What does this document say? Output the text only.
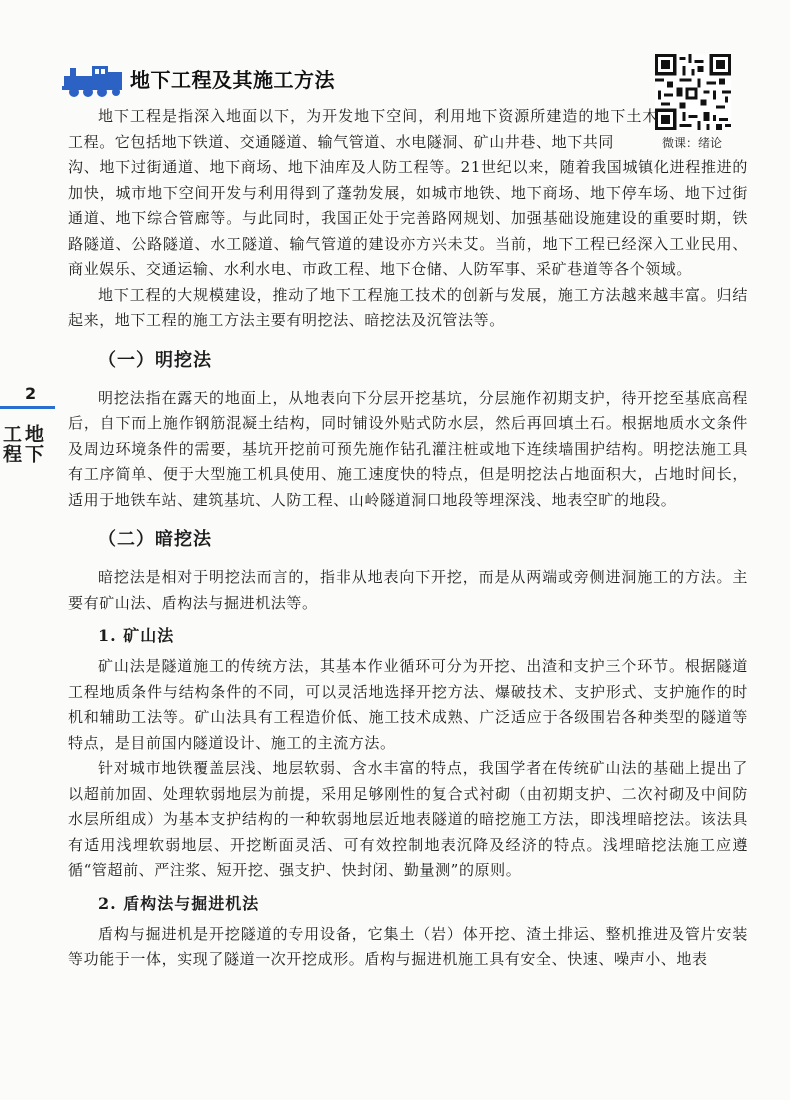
地下工程及其施工方法
微课：绪论
2
地下工程

地下工程是指深入地面以下，为开发地下空间，利用地下资源所建造的地下土木工程。它包括地下铁道、交通隧道、输气管道、水电隧洞、矿山井巷、地下共同

沟、地下过街通道、地下商场、地下油库及人防工程等。21世纪以来，随着我国城镇化进程推进的加快，城市地下空间开发与利用得到了蓬勃发展，如城市地铁、地下商场、地下停车场、地下过街通道、地下综合管廊等。与此同时，我国正处于完善路网规划、加强基础设施建设的重要时期，铁路隧道、公路隧道、水工隧道、输气管道的建设亦方兴未艾。当前，地下工程已经深入工业民用、商业娱乐、交通运输、水利水电、市政工程、地下仓储、人防军事、采矿巷道等各个领域。

地下工程的大规模建设，推动了地下工程施工技术的创新与发展，施工方法越来越丰富。归结起来，地下工程的施工方法主要有明挖法、暗挖法及沉管法等。

（一）明挖法

明挖法指在露天的地面上，从地表向下分层开挖基坑，分层施作初期支护，待开挖至基底高程后，自下而上施作钢筋混凝土结构，同时铺设外贴式防水层，然后再回填土石。根据地质水文条件及周边环境条件的需要，基坑开挖前可预先施作钻孔灌注桩或地下连续墙围护结构。明挖法施工具有工序简单、便于大型施工机具使用、施工速度快的特点，但是明挖法占地面积大，占地时间长，适用于地铁车站、建筑基坑、人防工程、山岭隧道洞口地段等埋深浅、地表空旷的地段。

（二）暗挖法

暗挖法是相对于明挖法而言的，指非从地表向下开挖，而是从两端或旁侧进洞施工的方法。主要有矿山法、盾构法与掘进机法等。

1. 矿山法

矿山法是隧道施工的传统方法，其基本作业循环可分为开挖、出渣和支护三个环节。根据隧道工程地质条件与结构条件的不同，可以灵活地选择开挖方法、爆破技术、支护形式、支护施作的时机和辅助工法等。矿山法具有工程造价低、施工技术成熟、广泛适应于各级围岩各种类型的隧道等特点，是目前国内隧道设计、施工的主流方法。

针对城市地铁覆盖层浅、地层软弱、含水丰富的特点，我国学者在传统矿山法的基础上提出了以超前加固、处理软弱地层为前提，采用足够刚性的复合式衬砌（由初期支护、二次衬砌及中间防水层所组成）为基本支护结构的一种软弱地层近地表隧道的暗挖施工方法，即浅埋暗挖法。该法具有适用浅埋软弱地层、开挖断面灵活、可有效控制地表沉降及经济的特点。浅埋暗挖法施工应遵循“管超前、严注浆、短开挖、强支护、快封闭、勤量测”的原则。

2. 盾构法与掘进机法

盾构与掘进机是开挖隧道的专用设备，它集土（岩）体开挖、渣土排运、整机推进及管片安装等功能于一体，实现了隧道一次开挖成形。盾构与掘进机施工具有安全、快速、噪声小、地表
